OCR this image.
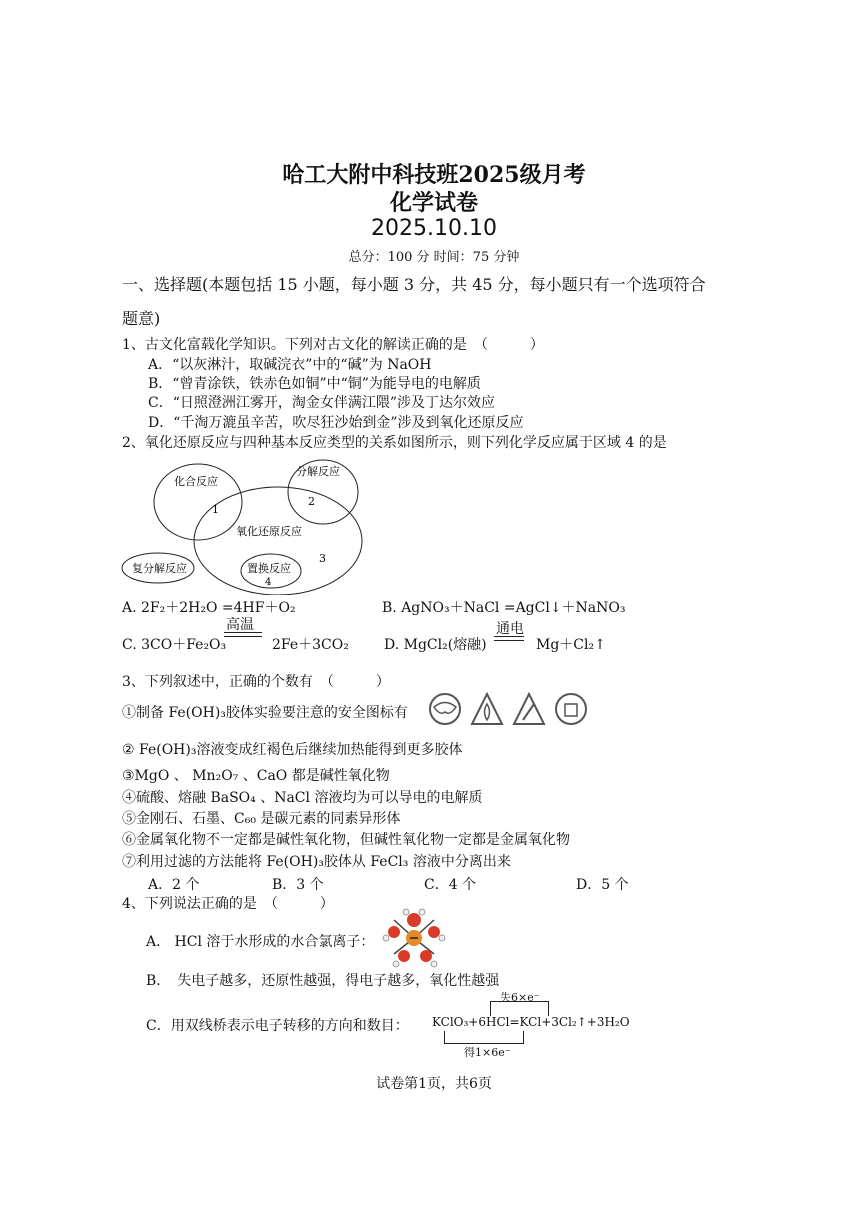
哈工大附中科技班2025级月考
化学试卷
2025.10.10
总分：100 分 时间：75 分钟
一、选择题(本题包括 15 小题，每小题 3 分，共 45 分，每小题只有一个选项符合
题意)
1、古文化富载化学知识。下列对古文化的解读正确的是　（　　　）
A．“以灰淋汁，取碱浣衣”中的“碱”为 NaOH
B．“曾青涂铁，铁赤色如铜”中“铜”为能导电的电解质
C．“日照澄洲江雾开，淘金女伴满江隈”涉及丁达尔效应
D．“千淘万漉虽辛苦，吹尽狂沙始到金”涉及到氧化还原反应
2、氧化还原反应与四种基本反应类型的关系如图所示，则下列化学反应属于区域 4 的是
化合反应
分解反应
氧化还原反应
复分解反应	置换反应
1
2
3
4
A. 2F₂＋2H₂O =4HF＋O₂	B. AgNO₃＋NaCl =AgCl↓＋NaNO₃
C. 3CO＋Fe₂O₃
高温
2Fe＋3CO₂	D. MgCl₂(熔融)
通电
Mg＋Cl₂↑
3、下列叙述中，正确的个数有　（　　　）
①制备 Fe(OH)₃胶体实验要注意的安全图标有
② Fe(OH)₃溶液变成红褐色后继续加热能得到更多胶体
③MgO 、 Mn₂O₇ 、CaO 都是碱性氧化物
④硫酸、熔融 BaSO₄ 、NaCl 溶液均为可以导电的电解质
⑤金刚石、石墨、C₆₀ 是碳元素的同素异形体
⑥金属氧化物不一定都是碱性氧化物，但碱性氧化物一定都是金属氧化物
⑦利用过滤的方法能将 Fe(OH)₃胶体从 FeCl₃ 溶液中分离出来
A．2 个	B．3 个	C．4 个	D．5 个
4、下列说法正确的是　（　　　）
A． HCl 溶于水形成的水合氯离子：
B．　失电子越多，还原性越强，得电子越多，氧化性越强
C．用双线桥表示电子转移的方向和数目：
失6×e⁻
KClO₃+6HCl=KCl+3Cl₂↑+3H₂O
得1×6e⁻
试卷第1页，共6页
